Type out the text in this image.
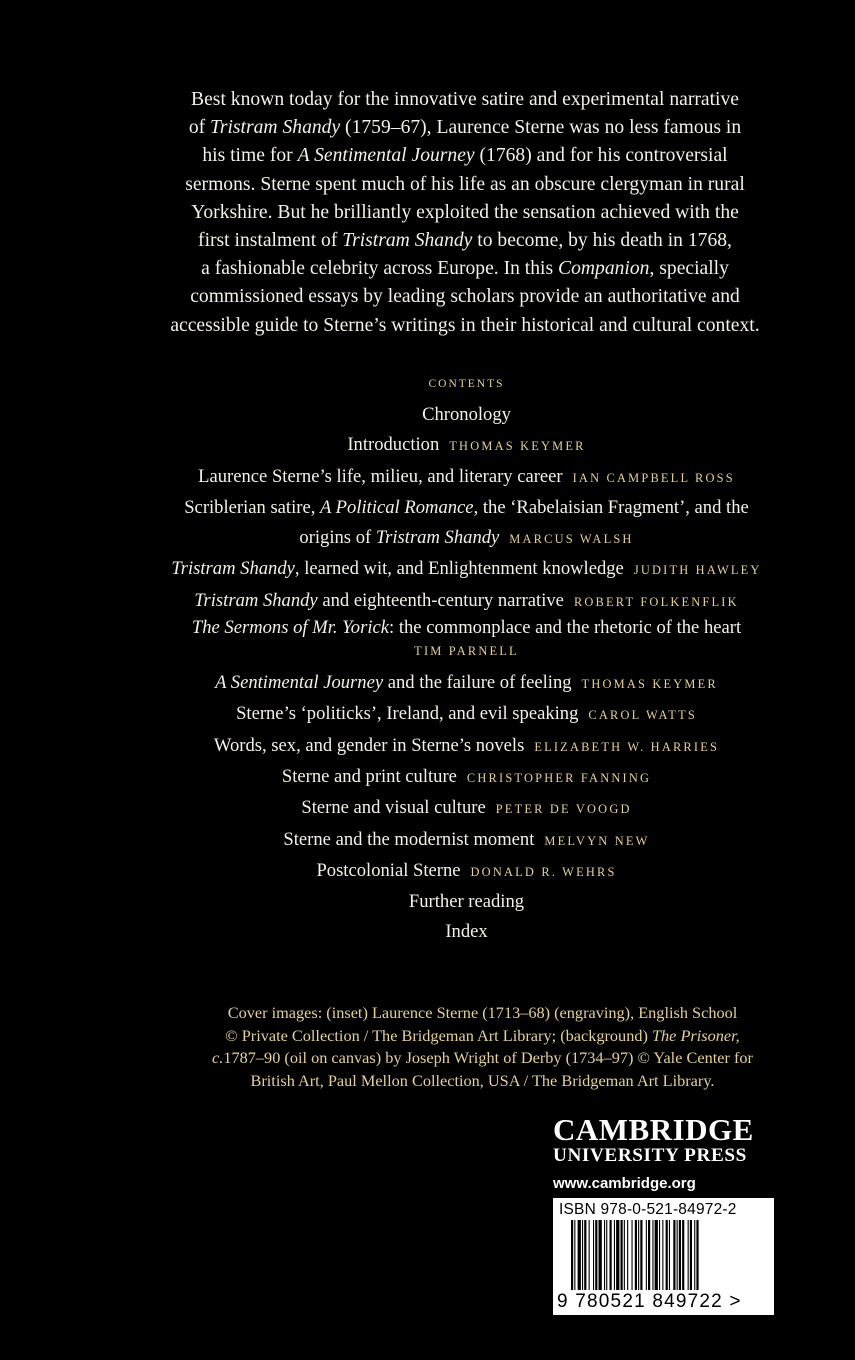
Best known today for the innovative satire and experimental narrative
of Tristram Shandy (1759–67), Laurence Sterne was no less famous in
his time for A Sentimental Journey (1768) and for his controversial
sermons. Sterne spent much of his life as an obscure clergyman in rural
Yorkshire. But he brilliantly exploited the sensation achieved with the
first instalment of Tristram Shandy to become, by his death in 1768,
a fashionable celebrity across Europe. In this Companion, specially
commissioned essays by leading scholars provide an authoritative and
accessible guide to Sterne’s writings in their historical and cultural context.
CONTENTS
Chronology
Introduction THOMAS KEYMER
Laurence Sterne’s life, milieu, and literary career IAN CAMPBELL ROSS
Scriblerian satire, A Political Romance, the ‘Rabelaisian Fragment’, and the
origins of Tristram Shandy MARCUS WALSH
Tristram Shandy, learned wit, and Enlightenment knowledge JUDITH HAWLEY
Tristram Shandy and eighteenth-century narrative ROBERT FOLKENFLIK
The Sermons of Mr. Yorick: the commonplace and the rhetoric of the heart
TIM PARNELL
A Sentimental Journey and the failure of feeling THOMAS KEYMER
Sterne’s ‘politicks’, Ireland, and evil speaking CAROL WATTS
Words, sex, and gender in Sterne’s novels ELIZABETH W. HARRIES
Sterne and print culture CHRISTOPHER FANNING
Sterne and visual culture PETER DE VOOGD
Sterne and the modernist moment MELVYN NEW
Postcolonial Sterne DONALD R. WEHRS
Further reading
Index
Cover images: (inset) Laurence Sterne (1713–68) (engraving), English School
© Private Collection / The Bridgeman Art Library; (background) The Prisoner,
c.1787–90 (oil on canvas) by Joseph Wright of Derby (1734–97) © Yale Center for
British Art, Paul Mellon Collection, USA / The Bridgeman Art Library.
CAMBRIDGE
UNIVERSITY PRESS
www.cambridge.org
ISBN 978-0-521-84972-2
9 780521 849722 >
